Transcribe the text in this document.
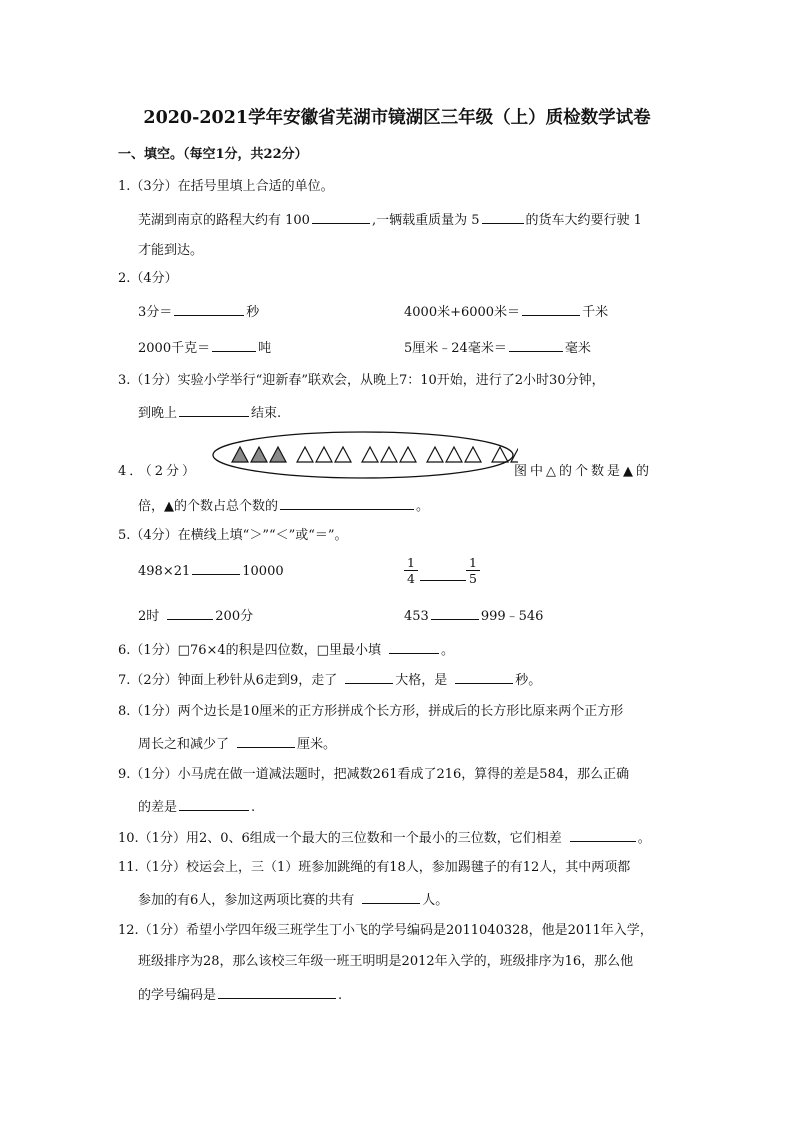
2020-2021学年安徽省芜湖市镜湖区三年级（上）质检数学试卷
一、填空。（每空1分，共22分）
1.（3分）在括号里填上合适的单位。
芜湖到南京的路程大约有 100	,一辆载重质量为 5	的货车大约要行驶 1
才能到达。
2.（4分）
3分＝	秒	4000米+6000米＝	千米
2000千克＝	吨	5厘米﹣24毫米＝	毫米
3.（1分）实验小学举行“迎新春”联欢会，从晚上7：10开始，进行了2小时30分钟，
到晚上	结束.
4．（2分）	图中△的个数是▲的
倍，▲的个数占总个数的	。
5.（4分）在横线上填“＞”“＜”或“＝”。
498×21	10000	$\frac{1}{4}$	$\frac{1}{5}$
2时	200分	453	999﹣546
6.（1分）□76×4的积是四位数，□里最小填	。
7.（2分）钟面上秒针从6走到9，走了	大格，是	秒。
8.（1分）两个边长是10厘米的正方形拼成个长方形，拼成后的长方形比原来两个正方形
周长之和减少了	厘米。
9.（1分）小马虎在做一道减法题时，把减数261看成了216，算得的差是584，那么正确
的差是	.
10.（1分）用2、0、6组成一个最大的三位数和一个最小的三位数，它们相差	。
11.（1分）校运会上，三（1）班参加跳绳的有18人，参加踢毽子的有12人，其中两项都
参加的有6人，参加这两项比赛的共有	人。
12.（1分）希望小学四年级三班学生丁小飞的学号编码是2011040328，他是2011年入学，
班级排序为28，那么该校三年级一班王明明是2012年入学的，班级排序为16，那么他
的学号编码是	.
